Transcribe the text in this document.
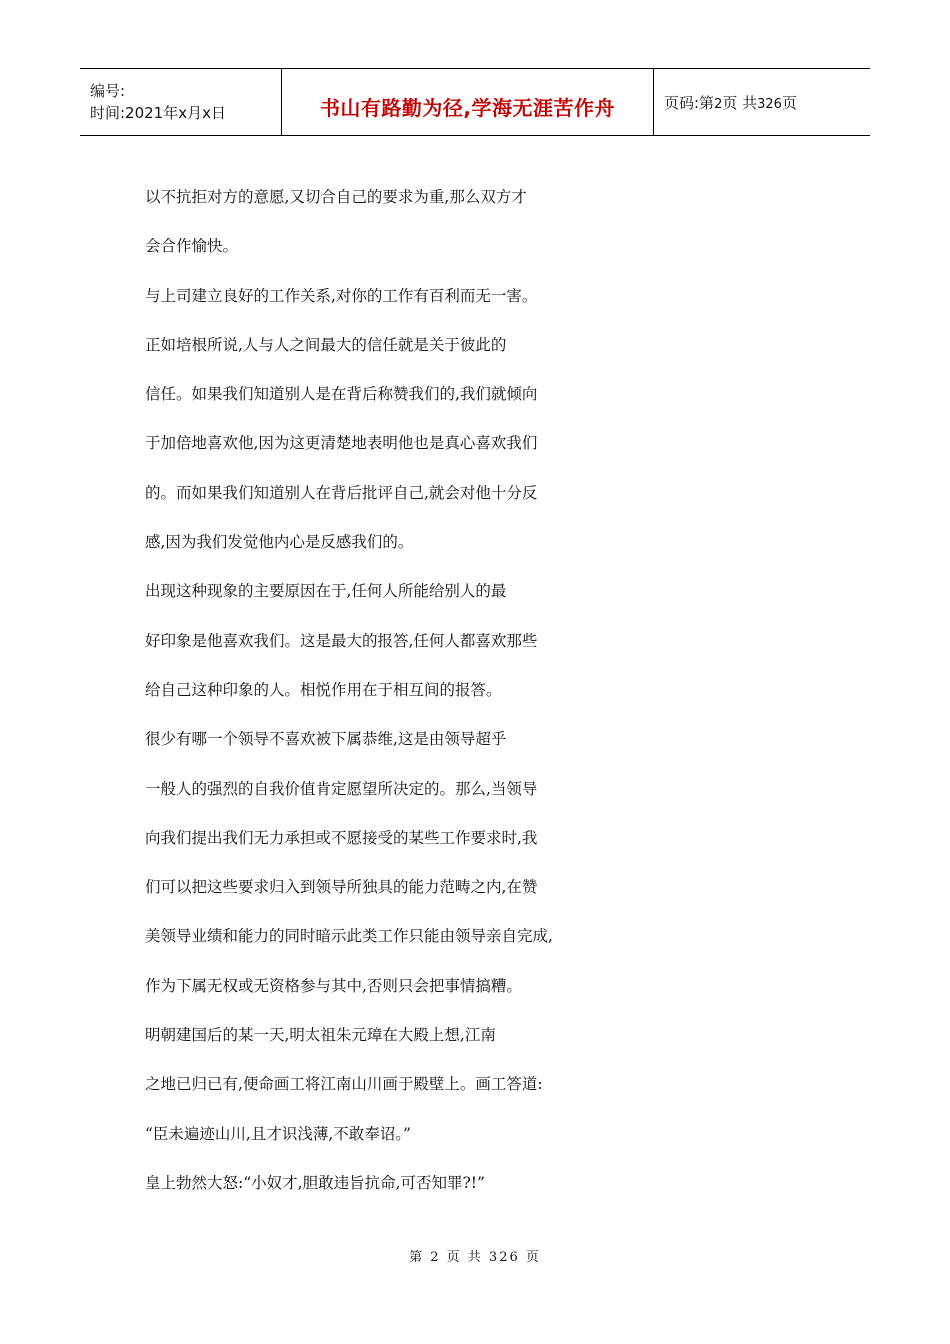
编号:
时间:2021年x月x日	书山有路勤为径,学海无涯苦作舟	页码:第2页 共326页
以不抗拒对方的意愿,又切合自己的要求为重,那么双方才
会合作愉快。
与上司建立良好的工作关系,对你的工作有百利而无一害。
正如培根所说,人与人之间最大的信任就是关于彼此的
信任。如果我们知道别人是在背后称赞我们的,我们就倾向
于加倍地喜欢他,因为这更清楚地表明他也是真心喜欢我们
的。而如果我们知道别人在背后批评自己,就会对他十分反
感,因为我们发觉他内心是反感我们的。
出现这种现象的主要原因在于,任何人所能给别人的最
好印象是他喜欢我们。这是最大的报答,任何人都喜欢那些
给自己这种印象的人。相悦作用在于相互间的报答。
很少有哪一个领导不喜欢被下属恭维,这是由领导超乎
一般人的强烈的自我价值肯定愿望所决定的。那么,当领导
向我们提出我们无力承担或不愿接受的某些工作要求时,我
们可以把这些要求归入到领导所独具的能力范畴之内,在赞
美领导业绩和能力的同时暗示此类工作只能由领导亲自完成,
作为下属无权或无资格参与其中,否则只会把事情搞糟。
明朝建国后的某一天,明太祖朱元璋在大殿上想,江南
之地已归已有,便命画工将江南山川画于殿壁上。画工答道:
“臣未遍迹山川,且才识浅薄,不敢奉诏。”
皇上勃然大怒:“小奴才,胆敢违旨抗命,可否知罪?!”
第 2 页 共 326 页
